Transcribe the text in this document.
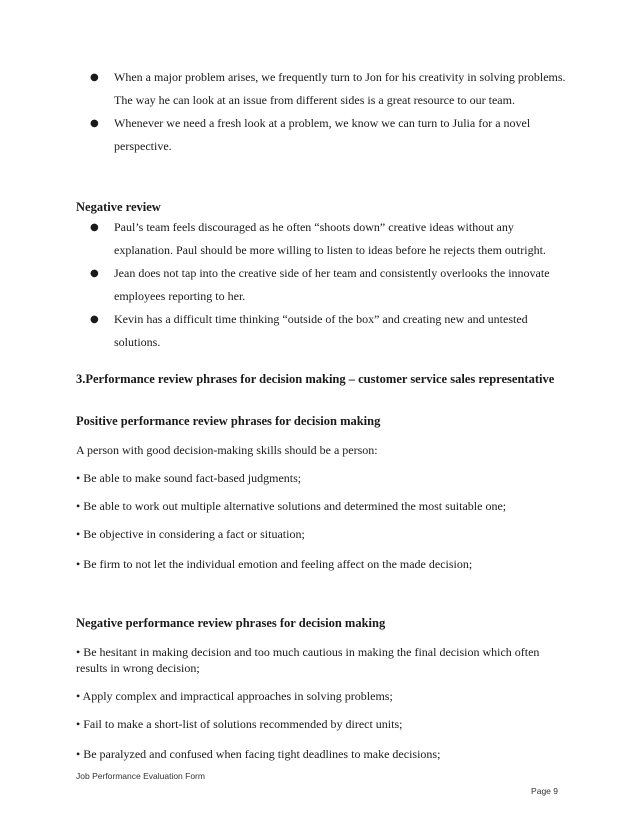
● When a major problem arises, we frequently turn to Jon for his creativity in solving problems. The way he can look at an issue from different sides is a great resource to our team.
● Whenever we need a fresh look at a problem, we know we can turn to Julia for a novel perspective.

Negative review

● Paul’s team feels discouraged as he often “shoots down” creative ideas without any explanation. Paul should be more willing to listen to ideas before he rejects them outright.
● Jean does not tap into the creative side of her team and consistently overlooks the innovate employees reporting to her.
● Kevin has a difficult time thinking “outside of the box” and creating new and untested solutions.

3.Performance review phrases for decision making – customer service sales representative

Positive performance review phrases for decision making

A person with good decision-making skills should be a person:

• Be able to make sound fact-based judgments;

• Be able to work out multiple alternative solutions and determined the most suitable one;

• Be objective in considering a fact or situation;

• Be firm to not let the individual emotion and feeling affect on the made decision;

Negative performance review phrases for decision making

• Be hesitant in making decision and too much cautious in making the final decision which often results in wrong decision;

• Apply complex and impractical approaches in solving problems;

• Fail to make a short-list of solutions recommended by direct units;

• Be paralyzed and confused when facing tight deadlines to make decisions;

Job Performance Evaluation Form
Page 9
